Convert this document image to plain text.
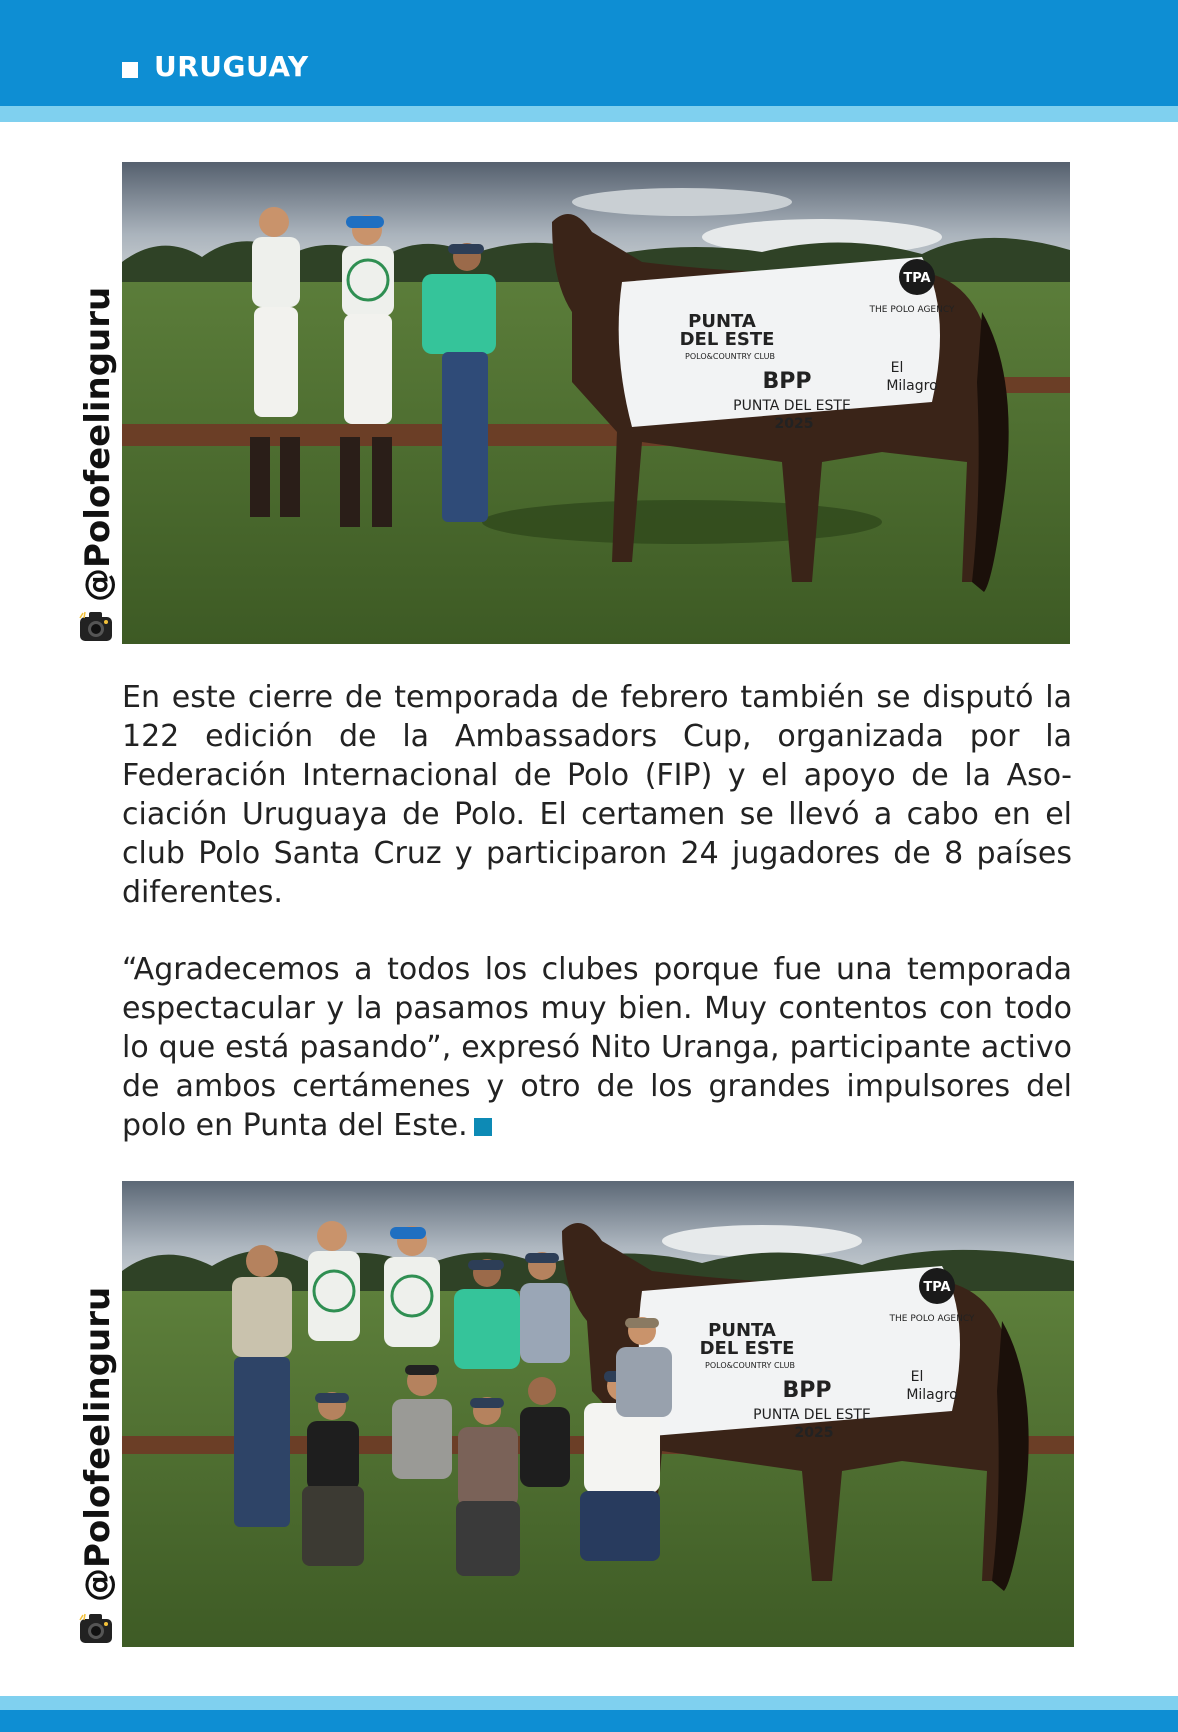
URUGUAY
@Polofeelinguru
TPA
THE POLO AGENCY
PUNTA
DEL ESTE
POLO&COUNTRY CLUB
BPP
PUNTA DEL ESTE
2025
El
Milagro

En este cierre de temporada de febrero también se disputó la 122 edición de la Ambassadors Cup, organizada por la Federación Internacional de Polo (FIP) y el apoyo de la Asociación Uruguaya de Polo. El certamen se llevó a cabo en el club Polo Santa Cruz y participaron 24 jugadores de 8 países diferentes.

“Agradecemos a todos los clubes porque fue una temporada espectacular y la pasamos muy bien. Muy contentos con todo lo que está pasando”, expresó Nito Uranga, participante activo de ambos certámenes y otro de los grandes impulsores del polo en Punta del Este.

@Polofeelinguru	TPA
THE POLO AGENCY
PUNTA
DEL ESTE
POLO&COUNTRY CLUB
BPP
PUNTA DEL ESTE
2025
El
Milagro
